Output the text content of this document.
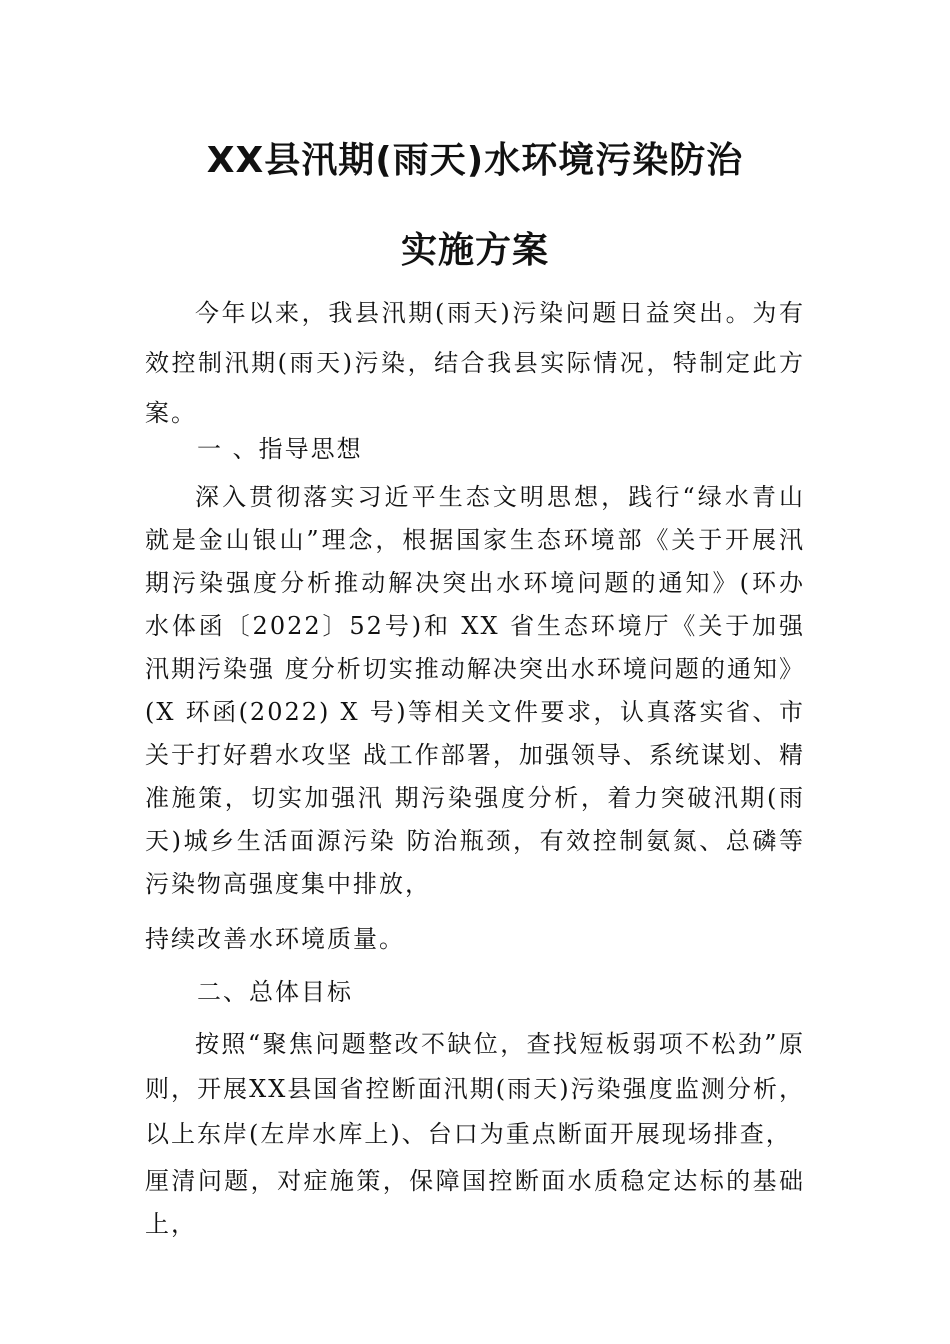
XX县汛期(雨天)水环境污染防治
实施方案

今年以来，我县汛期(雨天)污染问题日益突出。为有效控制汛期(雨天)污染，结合我县实际情况，特制定此方案。

一 、指导思想

深入贯彻落实习近平生态文明思想，践行“绿水青山就是金山银山”理念，根据国家生态环境部《关于开展汛期污染强度分析推动解决突出水环境问题的通知》(环办水体函〔2022〕52号)和 XX 省生态环境厅《关于加强汛期污染强 度分析切实推动解决突出水环境问题的通知》(X 环函(2022) X 号)等相关文件要求，认真落实省、市关于打好碧水攻坚 战工作部署，加强领导、系统谋划、精准施策，切实加强汛 期污染强度分析，着力突破汛期(雨天)城乡生活面源污染 防治瓶颈，有效控制氨氮、总磷等污染物高强度集中排放，

持续改善水环境质量。

二、总体目标

按照“聚焦问题整改不缺位，查找短板弱项不松劲”原则，开展XX县国省控断面汛期(雨天)污染强度监测分析，以上东岸(左岸水库上)、台口为重点断面开展现场排查，

厘清问题，对症施策，保障国控断面水质稳定达标的基础上，
